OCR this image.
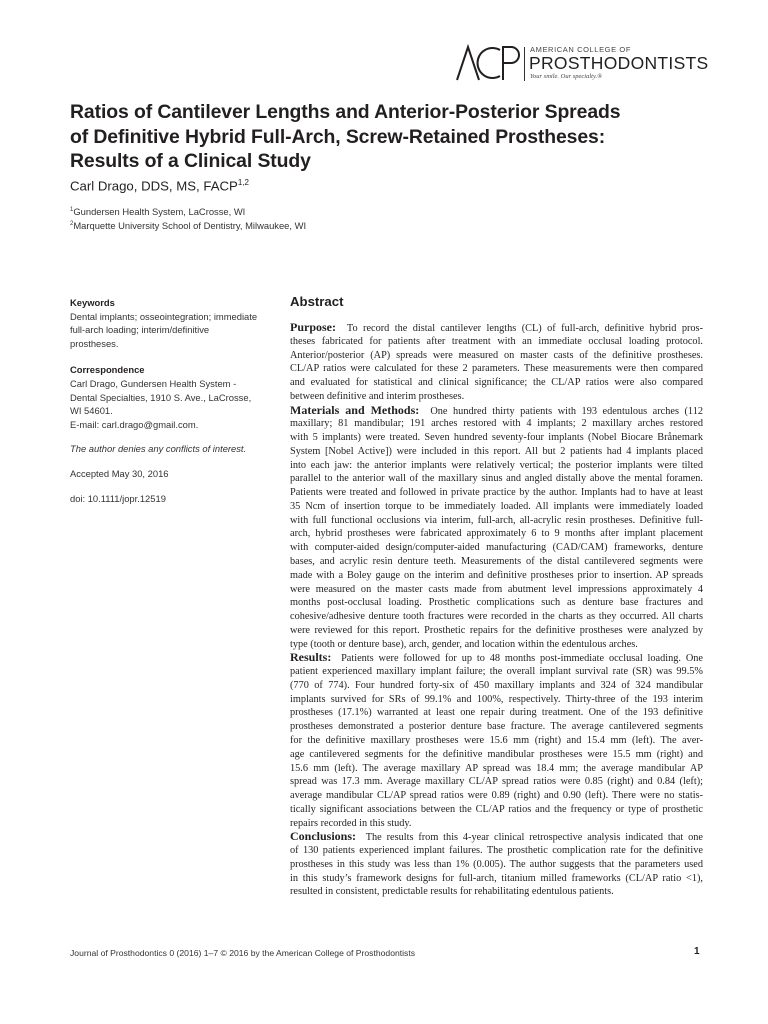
AMERICAN COLLEGE OF
PROSTHODONTISTS
Your smile. Our specialty.®
Ratios of Cantilever Lengths and Anterior-Posterior Spreads
of Definitive Hybrid Full-Arch, Screw-Retained Prostheses:
Results of a Clinical Study
Carl Drago, DDS, MS, FACP$^{1,2}$
$^1$Gundersen Health System, LaCrosse, WI
$^2$Marquette University School of Dentistry, Milwaukee, WI
Keywords
Dental implants; osseointegration; immediate
full-arch loading; interim/definitive
prostheses.
Correspondence
Carl Drago, Gundersen Health System -
Dental Specialties, 1910 S. Ave., LaCrosse,
WI 54601.
E-mail: carl.drago@gmail.com.
The author denies any conflicts of interest.
Accepted May 30, 2016
doi: 10.1111/jopr.12519
Abstract
Purpose: To record the distal cantilever lengths (CL) of full-arch, definitive hybrid pros-
theses fabricated for patients after treatment with an immediate occlusal loading protocol.
Anterior/posterior (AP) spreads were measured on master casts of the definitive prostheses.
CL/AP ratios were calculated for these 2 parameters. These measurements were then compared
and evaluated for statistical and clinical significance; the CL/AP ratios were also compared
between definitive and interim prostheses.
Materials and Methods: One hundred thirty patients with 193 edentulous arches (112
maxillary; 81 mandibular; 191 arches restored with 4 implants; 2 maxillary arches restored
with 5 implants) were treated. Seven hundred seventy-four implants (Nobel Biocare Brånemark
System [Nobel Active]) were included in this report. All but 2 patients had 4 implants placed
into each jaw: the anterior implants were relatively vertical; the posterior implants were tilted
parallel to the anterior wall of the maxillary sinus and angled distally above the mental foramen.
Patients were treated and followed in private practice by the author. Implants had to have at least
35 Ncm of insertion torque to be immediately loaded. All implants were immediately loaded
with full functional occlusions via interim, full-arch, all-acrylic resin prostheses. Definitive full-
arch, hybrid prostheses were fabricated approximately 6 to 9 months after implant placement
with computer-aided design/computer-aided manufacturing (CAD/CAM) frameworks, denture
bases, and acrylic resin denture teeth. Measurements of the distal cantilevered segments were
made with a Boley gauge on the interim and definitive prostheses prior to insertion. AP spreads
were measured on the master casts made from abutment level impressions approximately 4
months post-occlusal loading. Prosthetic complications such as denture base fractures and
cohesive/adhesive denture tooth fractures were recorded in the charts as they occurred. All charts
were reviewed for this report. Prosthetic repairs for the definitive prostheses were analyzed by
type (tooth or denture base), arch, gender, and location within the edentulous arches.
Results: Patients were followed for up to 48 months post-immediate occlusal loading. One
patient experienced maxillary implant failure; the overall implant survival rate (SR) was 99.5%
(770 of 774). Four hundred forty-six of 450 maxillary implants and 324 of 324 mandibular
implants survived for SRs of 99.1% and 100%, respectively. Thirty-three of the 193 interim
prostheses (17.1%) warranted at least one repair during treatment. One of the 193 definitive
prostheses demonstrated a posterior denture base fracture. The average cantilevered segments
for the definitive maxillary prostheses were 15.6 mm (right) and 15.4 mm (left). The aver-
age cantilevered segments for the definitive mandibular prostheses were 15.5 mm (right) and
15.6 mm (left). The average maxillary AP spread was 18.4 mm; the average mandibular AP
spread was 17.3 mm. Average maxillary CL/AP spread ratios were 0.85 (right) and 0.84 (left);
average mandibular CL/AP spread ratios were 0.89 (right) and 0.90 (left). There were no statis-
tically significant associations between the CL/AP ratios and the frequency or type of prosthetic
repairs recorded in this study.
Conclusions: The results from this 4-year clinical retrospective analysis indicated that one
of 130 patients experienced implant failures. The prosthetic complication rate for the definitive
prostheses in this study was less than 1% (0.005). The author suggests that the parameters used
in this study’s framework designs for full-arch, titanium milled frameworks (CL/AP ratio <1),
resulted in consistent, predictable results for rehabilitating edentulous patients.
Journal of Prosthodontics 0 (2016) 1–7 © 2016 by the American College of Prosthodontists	1
